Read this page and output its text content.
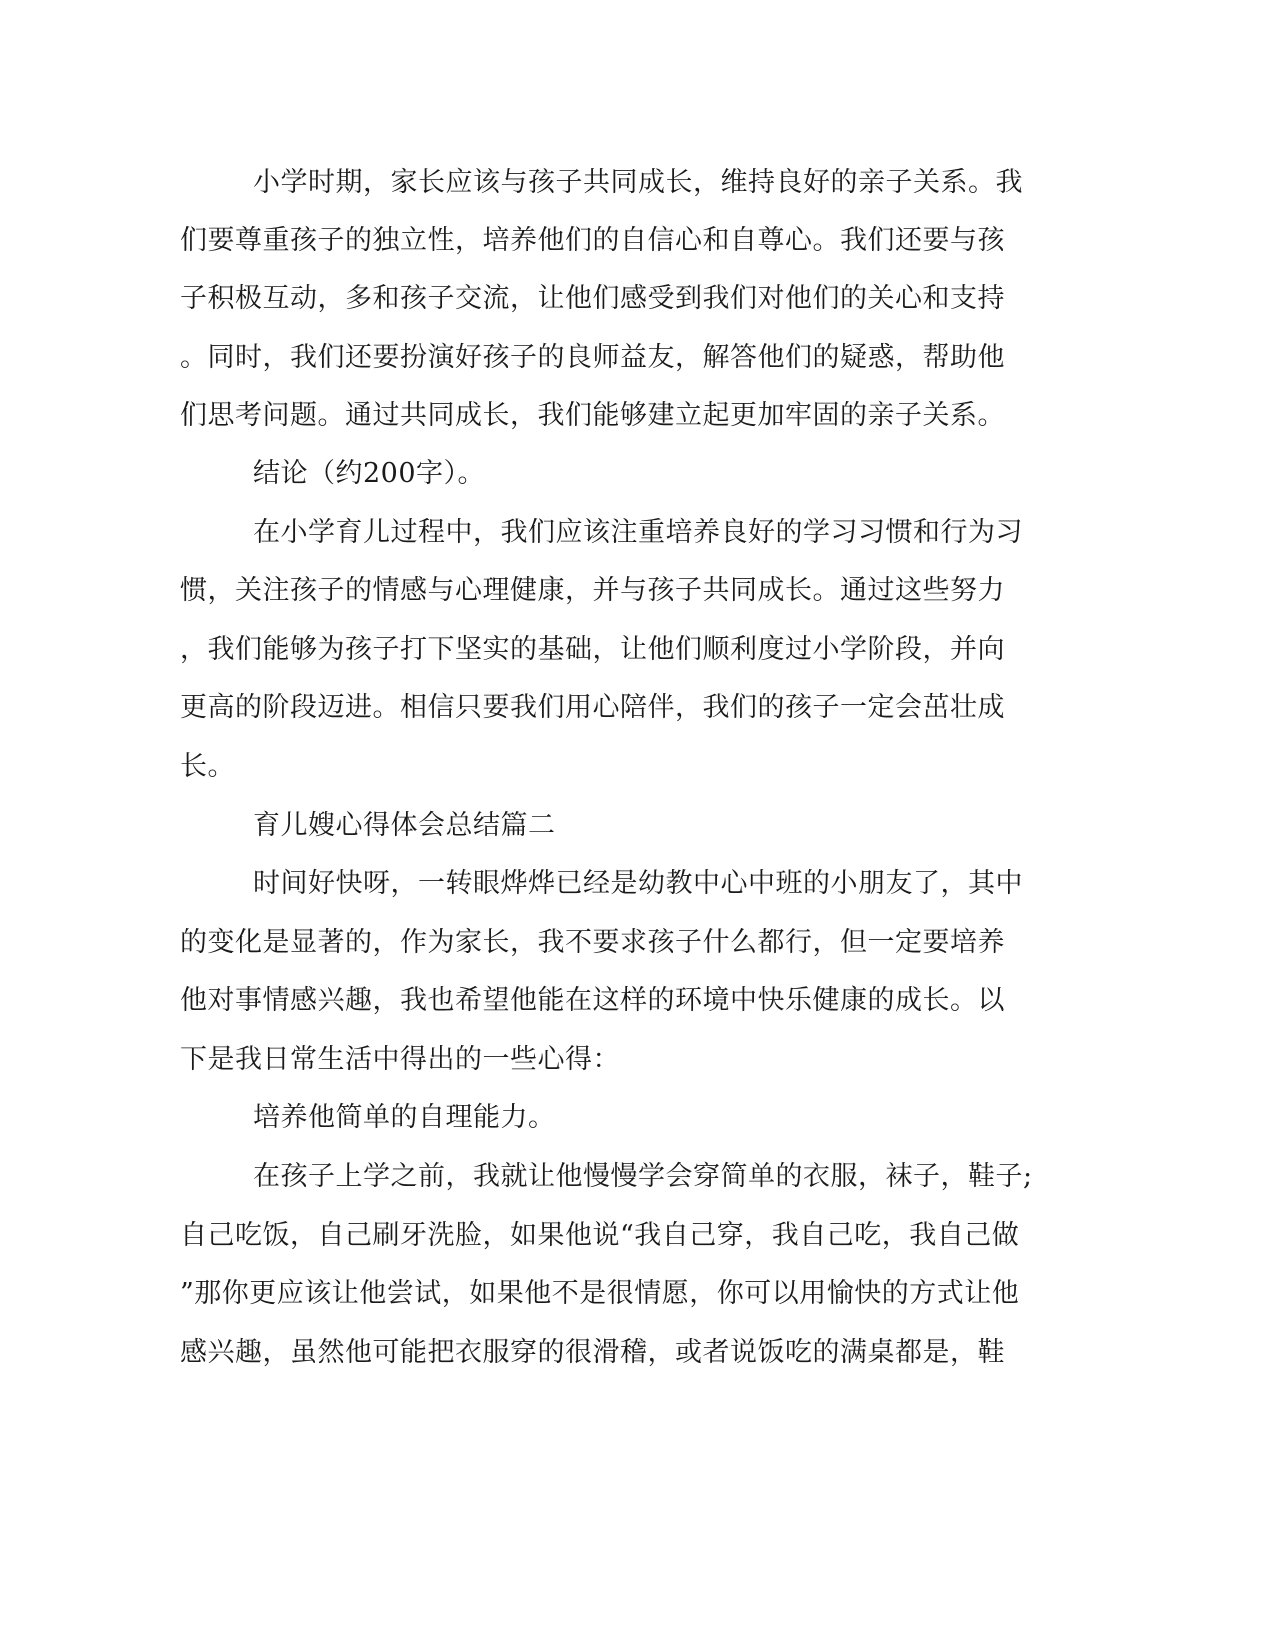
小学时期，家长应该与孩子共同成长，维持良好的亲子关系。我
们要尊重孩子的独立性，培养他们的自信心和自尊心。我们还要与孩
子积极互动，多和孩子交流，让他们感受到我们对他们的关心和支持
。同时，我们还要扮演好孩子的良师益友，解答他们的疑惑，帮助他
们思考问题。通过共同成长，我们能够建立起更加牢固的亲子关系。
结论（约200字）。
在小学育儿过程中，我们应该注重培养良好的学习习惯和行为习
惯，关注孩子的情感与心理健康，并与孩子共同成长。通过这些努力
，我们能够为孩子打下坚实的基础，让他们顺利度过小学阶段，并向
更高的阶段迈进。相信只要我们用心陪伴，我们的孩子一定会茁壮成
长。
育儿嫂心得体会总结篇二
时间好快呀，一转眼烨烨已经是幼教中心中班的小朋友了，其中
的变化是显著的，作为家长，我不要求孩子什么都行，但一定要培养
他对事情感兴趣，我也希望他能在这样的环境中快乐健康的成长。以
下是我日常生活中得出的一些心得：
培养他简单的自理能力。
在孩子上学之前，我就让他慢慢学会穿简单的衣服，袜子，鞋子;
自己吃饭，自己刷牙洗脸，如果他说“我自己穿，我自己吃，我自己做
”那你更应该让他尝试，如果他不是很情愿，你可以用愉快的方式让他
感兴趣，虽然他可能把衣服穿的很滑稽，或者说饭吃的满桌都是，鞋
